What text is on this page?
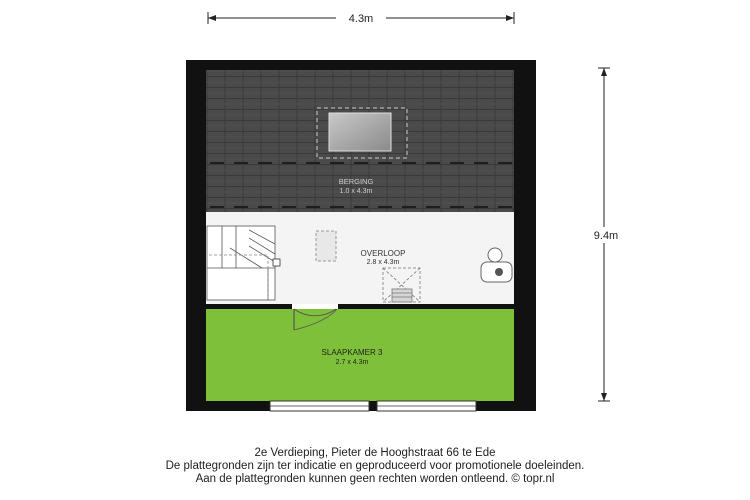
4.3m
9.4m
BERGING
1.0 x 4.3m
OVERLOOP
2.8 x 4.3m
SLAAPKAMER 3
2.7 x 4.3m
2e Verdieping, Pieter de Hooghstraat 66 te Ede
De plattegronden zijn ter indicatie en geproduceerd voor promotionele doeleinden.
Aan de plattegronden kunnen geen rechten worden ontleend. © topr.nl
